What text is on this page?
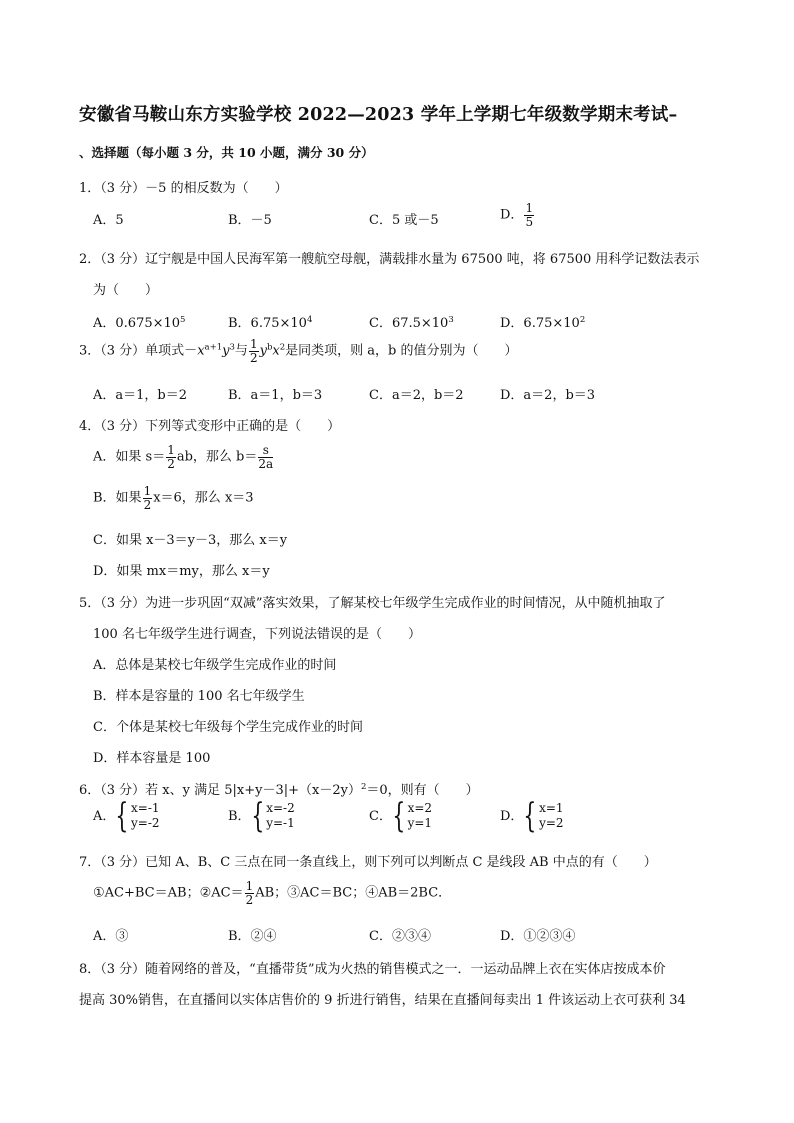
安徽省马鞍山东方实验学校 2022—2023 学年上学期七年级数学期末考试–
、选择题（每小题 3 分，共 10 小题，满分 30 分）
1．（3 分）－5 的相反数为（　　）
A．5	B．－5	C．5 或－5	D． $\frac{1}{5}$
2．（3 分）辽宁舰是中国人民海军第一艘航空母舰，满载排水量为 67500 吨，将 67500 用科学记数法表示
为（　　）
A．$0.675\times 10^5$	B．$6.75\times 10^4$	C．$67.5\times 10^3$	D．$6.75\times 10^2$
3．（3 分）单项式$-x^{a+1}y^3$与 $\frac{1}{2} y^bx^2$是同类项，则 a，b 的值分别为（　　）
A．a＝1，b＝2	B．a＝1，b＝3	C．a＝2，b＝2	D．a＝2，b＝3
4．（3 分）下列等式变形中正确的是（　　）
A．如果 $s= \frac{1}{2}$ ab，那么 $b= \frac{s}{2a}$
B．如果 $\frac{1}{2} x=6$，那么 x＝3
C．如果 x－3＝y－3，那么 x＝y
D．如果 mx＝my，那么 x＝y
5．（3 分）为进一步巩固“双减”落实效果，了解某校七年级学生完成作业的时间情况，从中随机抽取了
100 名七年级学生进行调查，下列说法错误的是（　　）
A．总体是某校七年级学生完成作业的时间
B．样本是容量的 100 名七年级学生
C．个体是某校七年级每个学生完成作业的时间
D．样本容量是 100
6．（3 分）若 x、y 满足 $5|x+y-3|+(x-2y)^2=0$，则有（　　）
A．{ x=-1
y=-2	B．{ x=-2
y=-1	C．{ x=2
y=1	D．{ x=1
y=2
7．（3 分）已知 A、B、C 三点在同一条直线上，则下列可以判断点 C 是线段 AB 中点的有（　　）
①AC+BC＝AB；②AC＝ $\frac{1}{2}$ AB；③AC＝BC；④AB＝2BC．
A．③	B．②④	C．②③④	D．①②③④
8．（3 分）随着网络的普及，“直播带货”成为火热的销售模式之一．一运动品牌上衣在实体店按成本价
提高 30%销售，在直播间以实体店售价的 9 折进行销售，结果在直播间每卖出 1 件该运动上衣可获利 34
